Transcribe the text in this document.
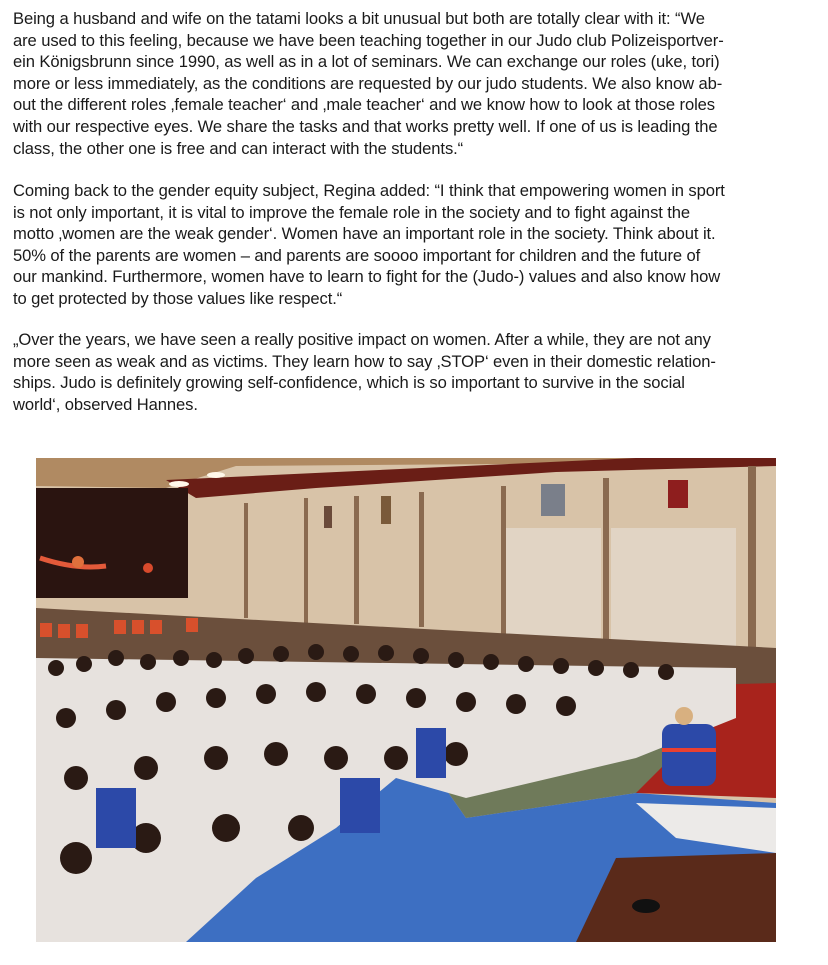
Being a husband and wife on the tatami looks a bit unusual but both are totally clear with it: “We
are used to this feeling, because we have been teaching together in our Judo club Polizeisportver-
ein Königsbrunn since 1990, as well as in a lot of seminars. We can exchange our roles (uke, tori)
more or less immediately, as the conditions are requested by our judo students. We also know ab-
out the different roles ‚female teacher‘ and ‚male teacher‘ and we know how to look at those roles
with our respective eyes. We share the tasks and that works pretty well. If one of us is leading the
class, the other one is free and can interact with the students.“
Coming back to the gender equity subject, Regina added: “I think that empowering women in sport
is not only important, it is vital to improve the female role in the society and to fight against the
motto ‚women are the weak gender‘. Women have an important role in the society. Think about it.
50% of the parents are women – and parents are soooo important for children and the future of
our mankind. Furthermore, women have to learn to fight for the (Judo-) values and also know how
to get protected by those values like respect.“
„Over the years, we have seen a really positive impact on women. After a while, they are not any
more seen as weak and as victims. They learn how to say ‚STOP‘ even in their domestic relation-
ships. Judo is definitely growing self-confidence, which is so important to survive in the social
world‘, observed Hannes.
